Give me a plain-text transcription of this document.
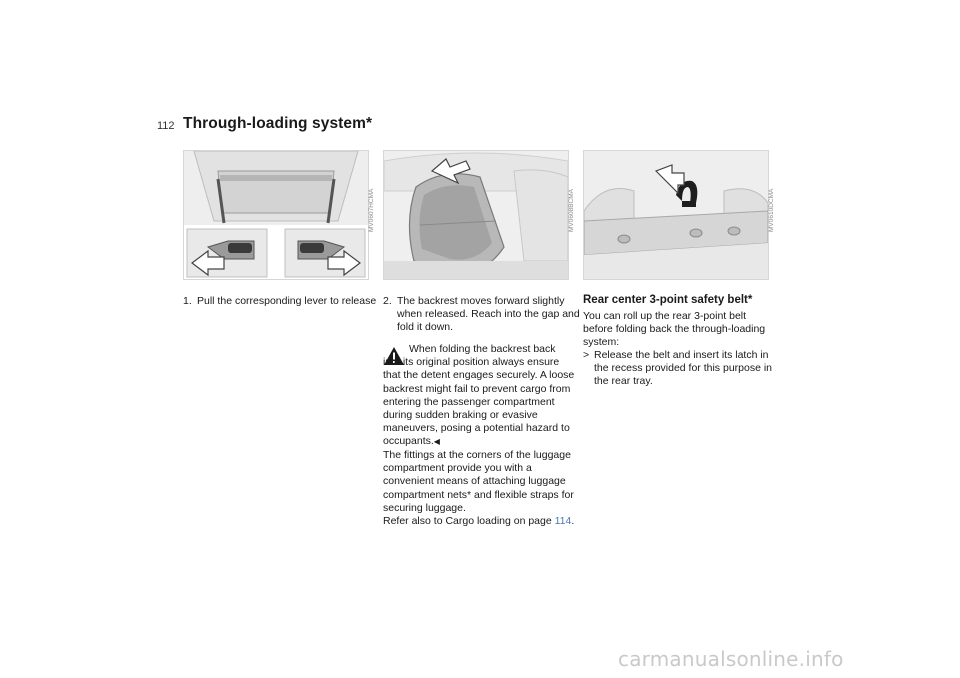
112 Through-loading system*
MV0607HCMA	MV0608BCMA	MV0610DCMA
1. Pull the corresponding lever to release 2. The backrest moves forward slightly when released. Reach into the gap and fold it down.
When folding the backrest back into its original position always ensure that the detent engages securely. A loose backrest might fail to prevent cargo from entering the passenger compartment during sudden braking or evasive maneuvers, posing a potential hazard to occupants.◀

The fittings at the corners of the luggage compartment provide you with a convenient means of attaching luggage compartment nets* and flexible straps for securing luggage.

Refer also to Cargo loading on page 114.

Rear center 3-point safety belt*

You can roll up the rear 3-point belt before folding back the through-loading system:

> Release the belt and insert its latch in the recess provided for this purpose in the rear tray.
carmanualsonline.info
